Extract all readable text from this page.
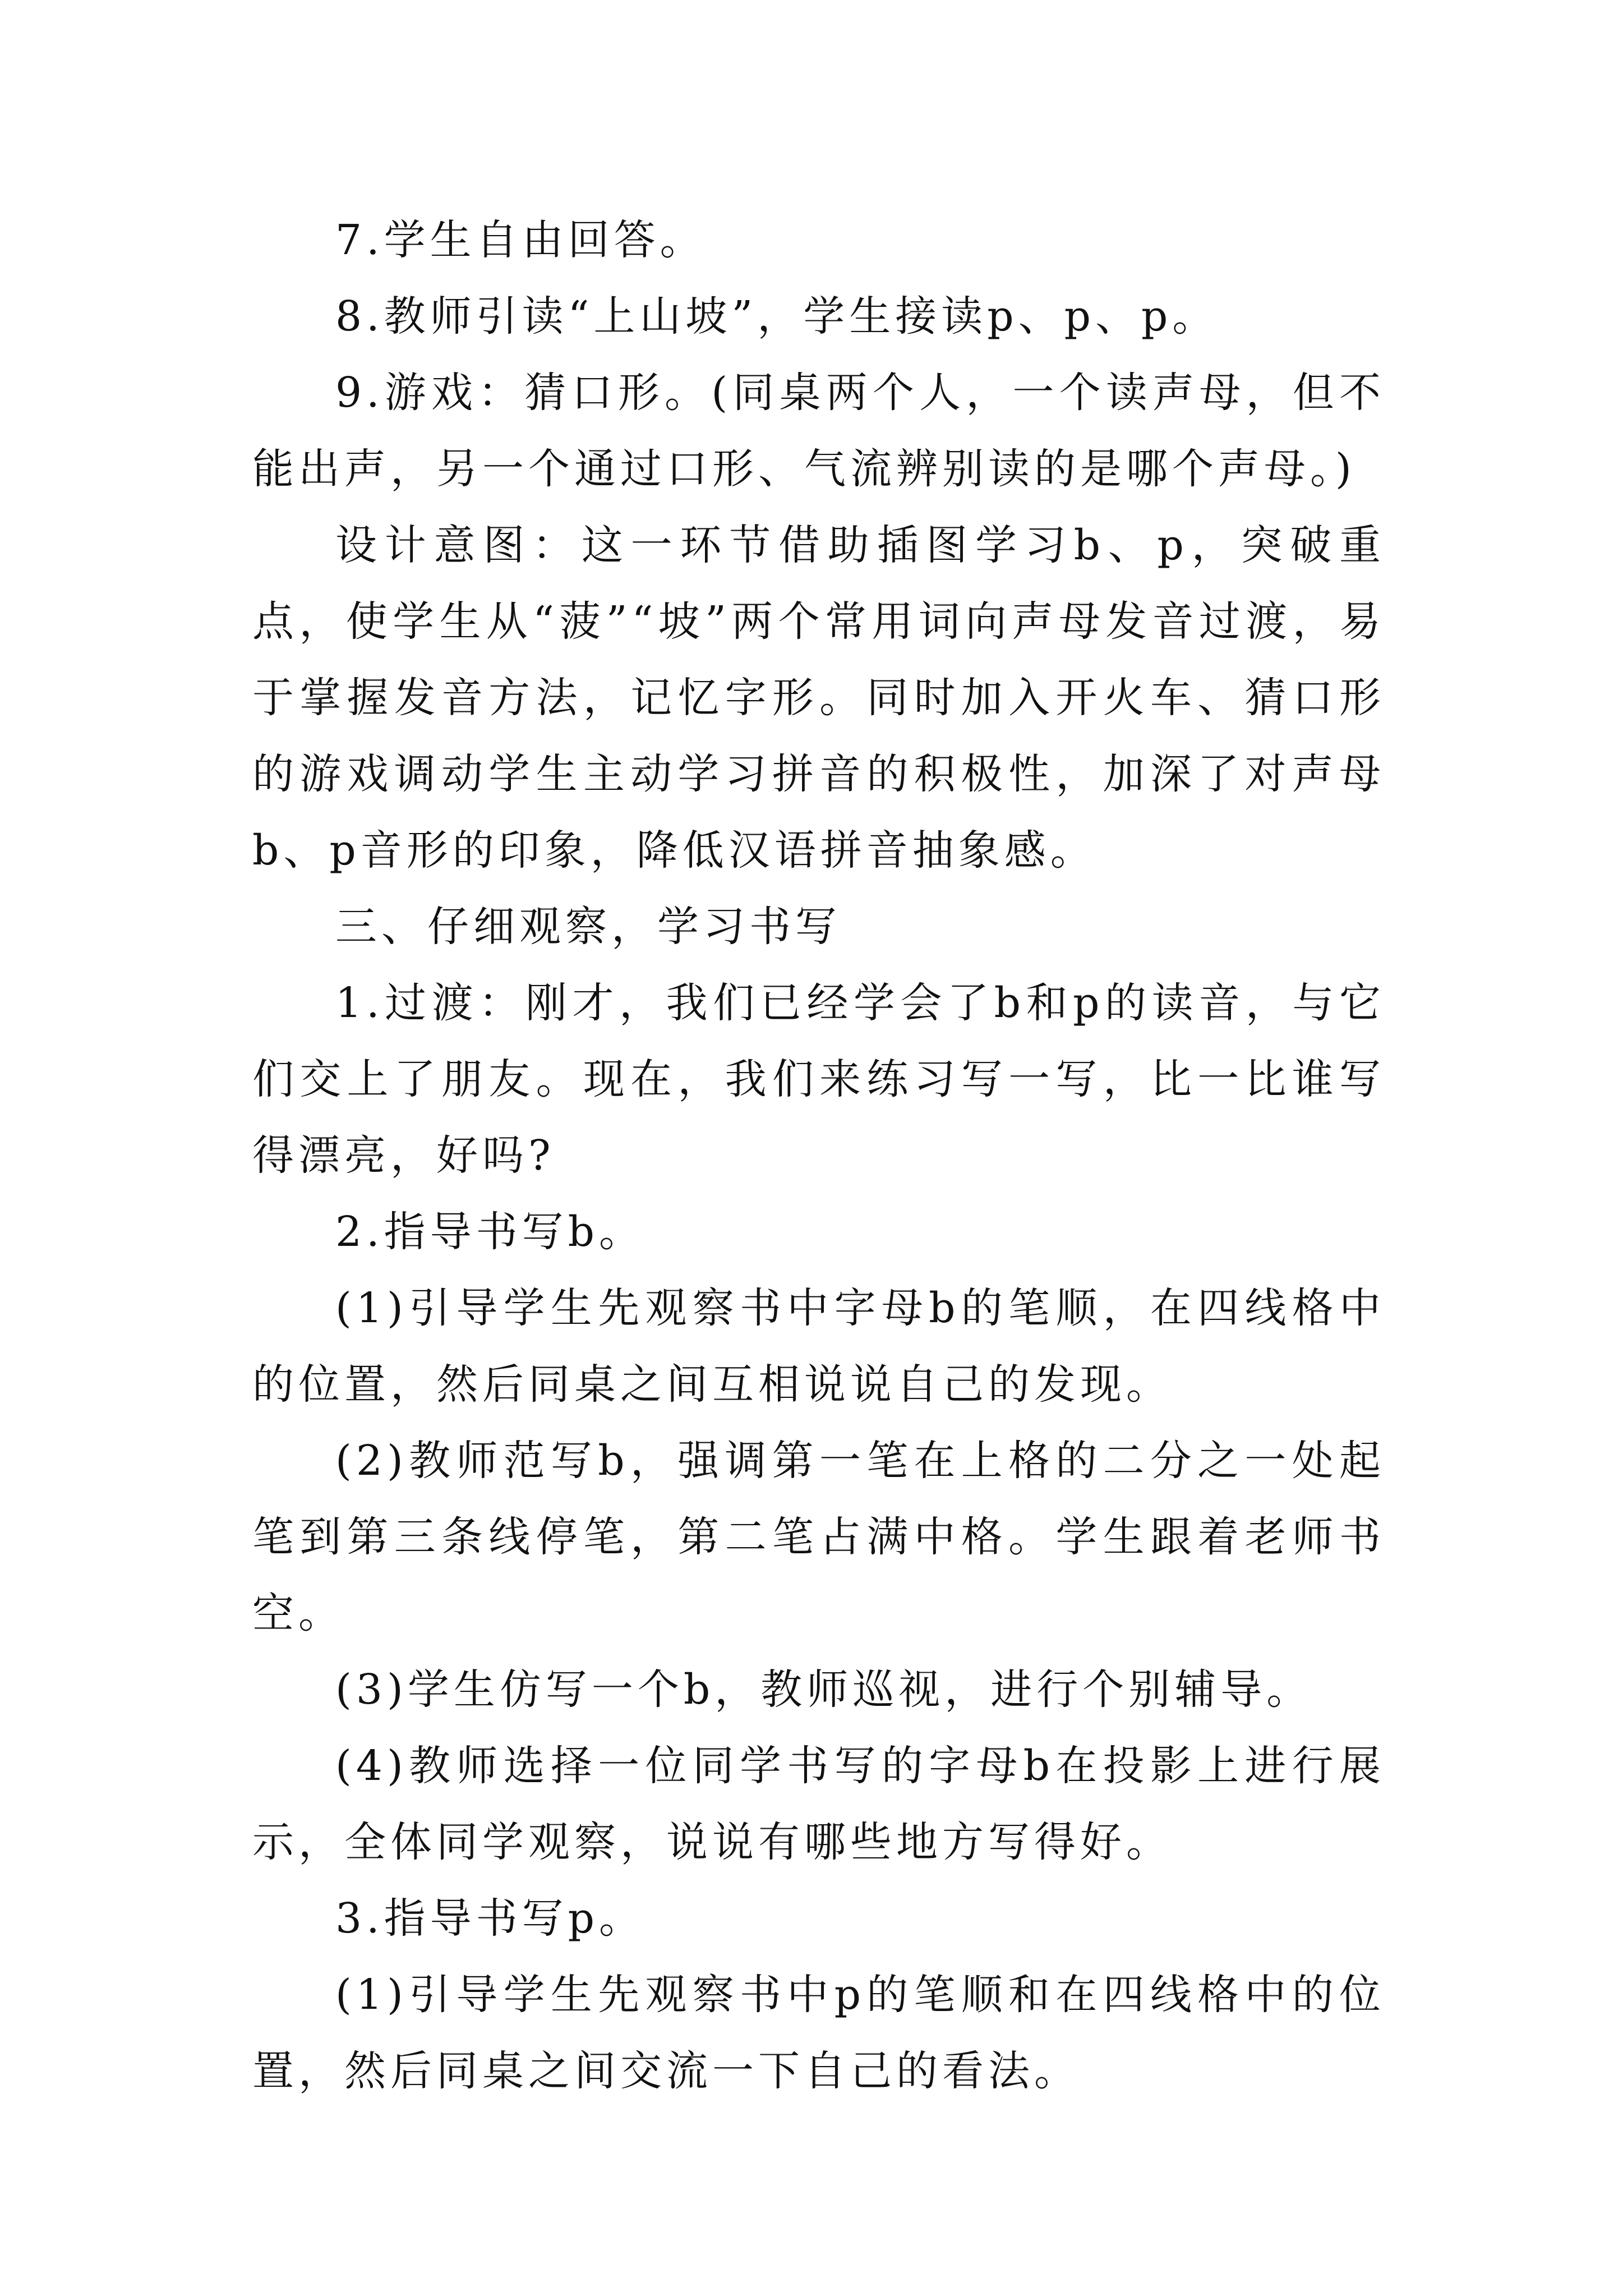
7.学生自由回答。

8.教师引读“上山坡”，学生接读p、p、p。

9.游戏：猜口形。(同桌两个人，一个读声母，但不能出声，另一个通过口形、气流辨别读的是哪个声母。)

设计意图：这一环节借助插图学习b、p，突破重点，使学生从“菠”“坡”两个常用词向声母发音过渡，易于掌握发音方法，记忆字形。同时加入开火车、猜口形的游戏调动学生主动学习拼音的积极性，加深了对声母b、p音形的印象，降低汉语拼音抽象感。

三、仔细观察，学习书写

1.过渡：刚才，我们已经学会了b和p的读音，与它们交上了朋友。现在，我们来练习写一写，比一比谁写得漂亮，好吗?

2.指导书写b。

(1)引导学生先观察书中字母b的笔顺，在四线格中的位置，然后同桌之间互相说说自己的发现。

(2)教师范写b，强调第一笔在上格的二分之一处起笔到第三条线停笔，第二笔占满中格。学生跟着老师书空。

(3)学生仿写一个b，教师巡视，进行个别辅导。

(4)教师选择一位同学书写的字母b在投影上进行展示，全体同学观察，说说有哪些地方写得好。

3.指导书写p。

(1)引导学生先观察书中p的笔顺和在四线格中的位置，然后同桌之间交流一下自己的看法。
